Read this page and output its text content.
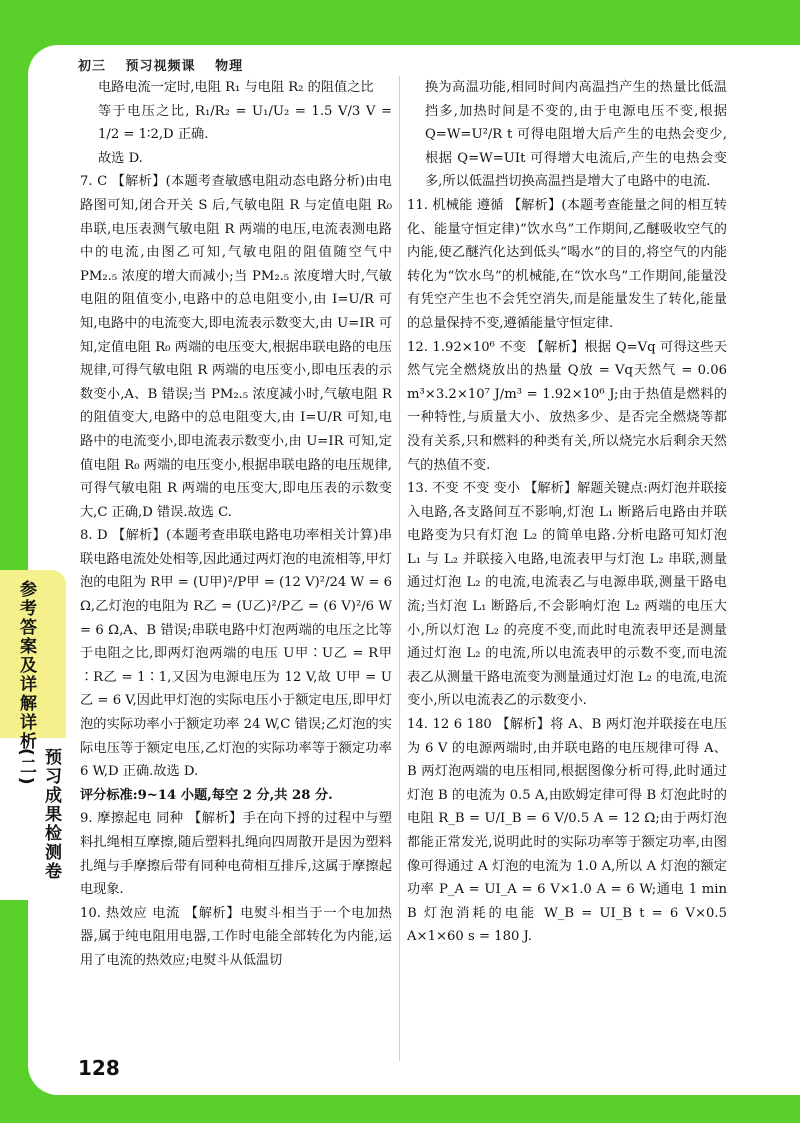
初三 预习视频课 物理
参考答案及详解详析
预习成果检测卷(二)

电路电流一定时,电阻 R₁ 与电阻 R₂ 的阻值之比

等于电压之比, R₁/R₂ = U₁/U₂ = 1.5 V/3 V = 1/2 = 1∶2,D 正确.

故选 D.

7. C 【解析】(本题考查敏感电阻动态电路分析)由电路图可知,闭合开关 S 后,气敏电阻 R 与定值电阻 R₀ 串联,电压表测气敏电阻 R 两端的电压,电流表测电路中的电流,由图乙可知,气敏电阻的阻值随空气中 PM₂.₅ 浓度的增大而减小;当 PM₂.₅ 浓度增大时,气敏电阻的阻值变小,电路中的总电阻变小,由 I=U/R 可知,电路中的电流变大,即电流表示数变大,由 U=IR 可知,定值电阻 R₀ 两端的电压变大,根据串联电路的电压规律,可得气敏电阻 R 两端的电压变小,即电压表的示数变小,A、B 错误;当 PM₂.₅ 浓度减小时,气敏电阻 R 的阻值变大,电路中的总电阻变大,由 I=U/R 可知,电路中的电流变小,即电流表示数变小,由 U=IR 可知,定值电阻 R₀ 两端的电压变小,根据串联电路的电压规律,可得气敏电阻 R 两端的电压变大,即电压表的示数变大,C 正确,D 错误.故选 C.

8. D 【解析】(本题考查串联电路电功率相关计算)串联电路电流处处相等,因此通过两灯泡的电流相等,甲灯泡的电阻为 R甲 = (U甲)²/P甲 = (12 V)²/24 W = 6 Ω,乙灯泡的电阻为 R乙 = (U乙)²/P乙 = (6 V)²/6 W = 6 Ω,A、B 错误;串联电路中灯泡两端的电压之比等于电阻之比,即两灯泡两端的电压 U甲∶U乙 = R甲∶R乙 = 1∶1,又因为电源电压为 12 V,故 U甲 = U乙 = 6 V,因此甲灯泡的实际电压小于额定电压,即甲灯泡的实际功率小于额定功率 24 W,C 错误;乙灯泡的实际电压等于额定电压,乙灯泡的实际功率等于额定功率 6 W,D 正确.故选 D.

评分标准:9~14 小题,每空 2 分,共 28 分.

9. 摩擦起电 同种 【解析】手在向下捋的过程中与塑料扎绳相互摩擦,随后塑料扎绳向四周散开是因为塑料扎绳与手摩擦后带有同种电荷相互排斥,这属于摩擦起电现象.

10. 热效应 电流 【解析】电熨斗相当于一个电加热器,属于纯电阻用电器,工作时电能全部转化为内能,运用了电流的热效应;电熨斗从低温切

换为高温功能,相同时间内高温挡产生的热量比低温挡多,加热时间是不变的,由于电源电压不变,根据 Q=W=U²/R t 可得电阻增大后产生的电热会变少,根据 Q=W=UIt 可得增大电流后,产生的电热会变多,所以低温挡切换高温挡是增大了电路中的电流.

11. 机械能 遵循 【解析】(本题考查能量之间的相互转化、能量守恒定律)“饮水鸟”工作期间,乙醚吸收空气的内能,使乙醚汽化达到低头“喝水”的目的,将空气的内能转化为“饮水鸟”的机械能,在“饮水鸟”工作期间,能量没有凭空产生也不会凭空消失,而是能量发生了转化,能量的总量保持不变,遵循能量守恒定律.

12. 1.92×10⁶ 不变 【解析】根据 Q=Vq 可得这些天然气完全燃烧放出的热量 Q放 = Vq天然气 = 0.06 m³×3.2×10⁷ J/m³ = 1.92×10⁶ J;由于热值是燃料的一种特性,与质量大小、放热多少、是否完全燃烧等都没有关系,只和燃料的种类有关,所以烧完水后剩余天然气的热值不变.

13. 不变 不变 变小 【解析】解题关键点:两灯泡并联接入电路,各支路间互不影响,灯泡 L₁ 断路后电路由并联电路变为只有灯泡 L₂ 的简单电路.分析电路可知灯泡 L₁ 与 L₂ 并联接入电路,电流表甲与灯泡 L₂ 串联,测量通过灯泡 L₂ 的电流,电流表乙与电源串联,测量干路电流;当灯泡 L₁ 断路后,不会影响灯泡 L₂ 两端的电压大小,所以灯泡 L₂ 的亮度不变,而此时电流表甲还是测量通过灯泡 L₂ 的电流,所以电流表甲的示数不变,而电流表乙从测量干路电流变为测量通过灯泡 L₂ 的电流,电流变小,所以电流表乙的示数变小.

14. 12 6 180 【解析】将 A、B 两灯泡并联接在电压为 6 V 的电源两端时,由并联电路的电压规律可得 A、B 两灯泡两端的电压相同,根据图像分析可得,此时通过灯泡 B 的电流为 0.5 A,由欧姆定律可得 B 灯泡此时的电阻 R_B = U/I_B = 6 V/0.5 A = 12 Ω;由于两灯泡都能正常发光,说明此时的实际功率等于额定功率,由图像可得通过 A 灯泡的电流为 1.0 A,所以 A 灯泡的额定功率 P_A = UI_A = 6 V×1.0 A = 6 W;通电 1 min B 灯泡消耗的电能 W_B = UI_B t = 6 V×0.5 A×1×60 s = 180 J.

128
